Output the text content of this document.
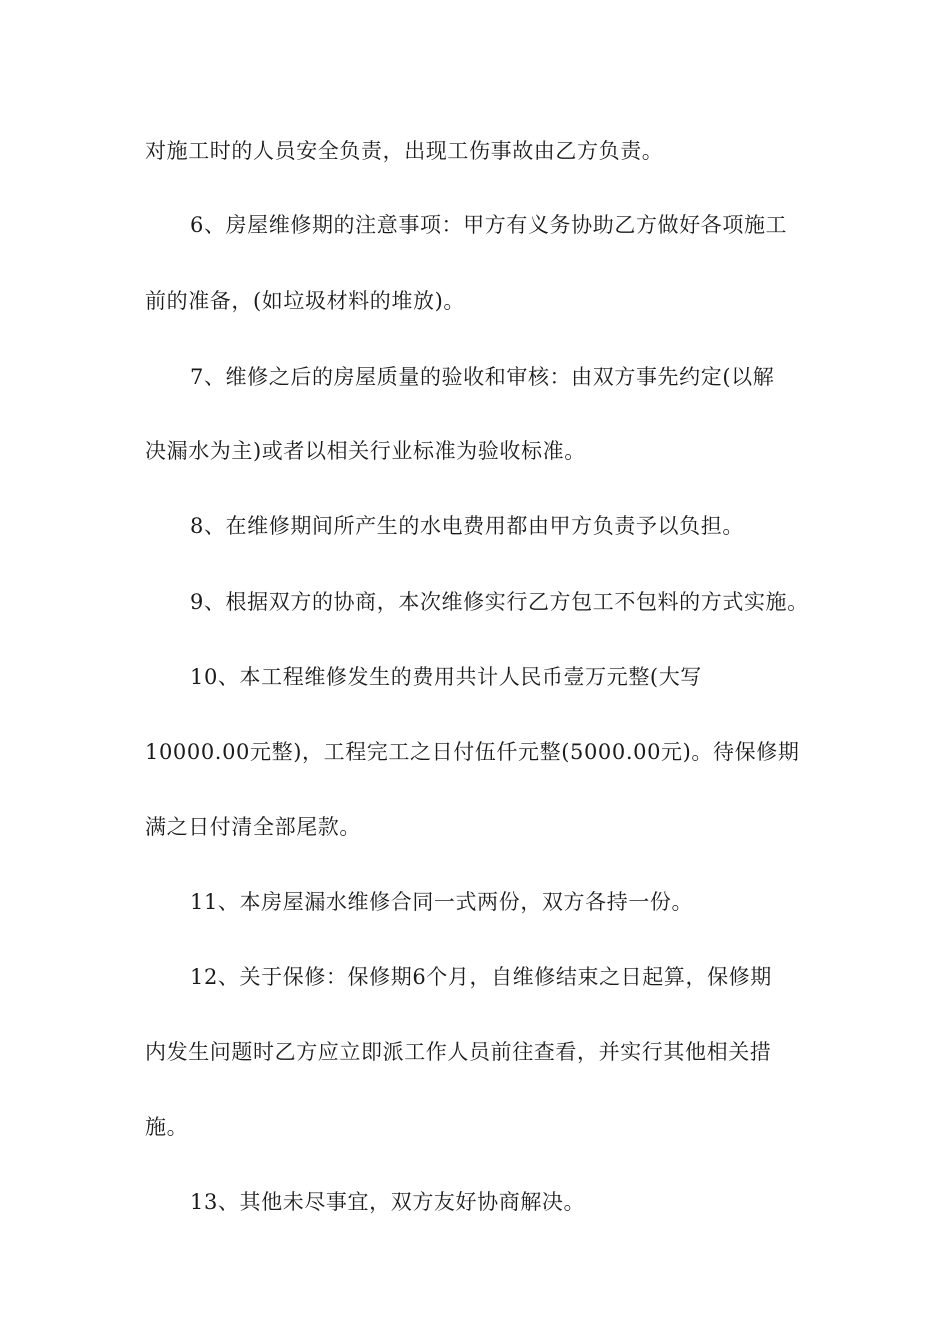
对施工时的人员安全负责，出现工伤事故由乙方负责。
6、房屋维修期的注意事项：甲方有义务协助乙方做好各项施工
前的准备，(如垃圾材料的堆放)。
7、维修之后的房屋质量的验收和审核：由双方事先约定(以解
决漏水为主)或者以相关行业标准为验收标准。
8、在维修期间所产生的水电费用都由甲方负责予以负担。
9、根据双方的协商，本次维修实行乙方包工不包料的方式实施。
10、本工程维修发生的费用共计人民币壹万元整(大写
10000.00元整)，工程完工之日付伍仟元整(5000.00元)。待保修期
满之日付清全部尾款。
11、本房屋漏水维修合同一式两份，双方各持一份。
12、关于保修：保修期6个月，自维修结束之日起算，保修期
内发生问题时乙方应立即派工作人员前往查看，并实行其他相关措
施。
13、其他未尽事宜，双方友好协商解决。
